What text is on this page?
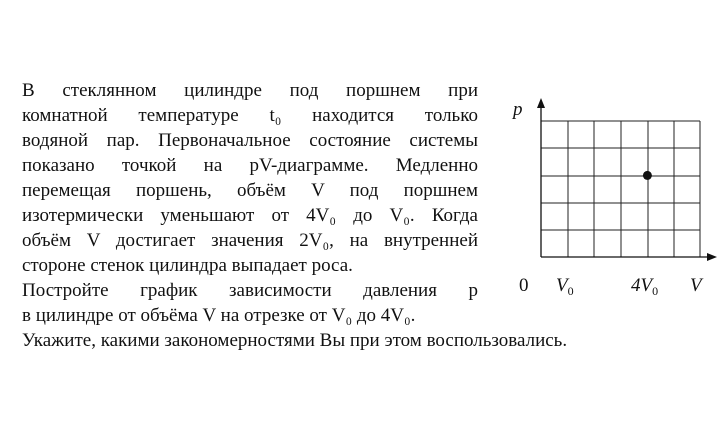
В стеклянном цилиндре под поршнем при
комнатной температуре t₀ находится только
водяной пар. Первоначальное состояние системы
показано точкой на pV-диаграмме. Медленно
перемещая поршень, объём V под поршнем
изотермически уменьшают от 4V₀ до V₀. Когда
объём V достигает значения 2V₀, на внутренней
стороне стенок цилиндра выпадает роса.
Постройте график зависимости давления p
в цилиндре от объёма V на отрезке от V₀ до 4V₀.
Укажите, какими закономерностями Вы при этом воспользовались.
p
0 $V_0$	$4V_0$ V
